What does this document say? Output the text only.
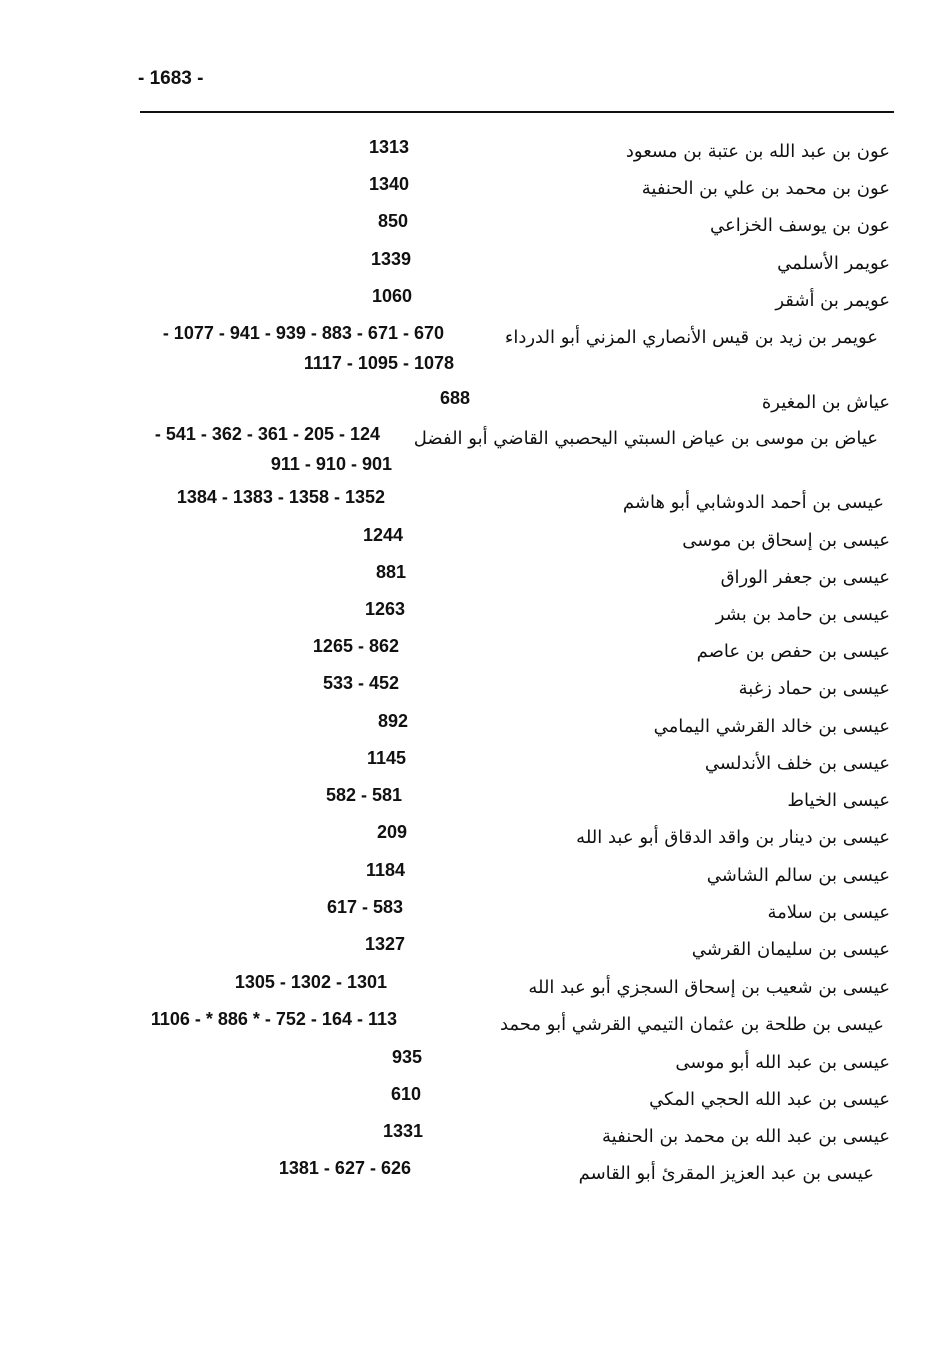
- 1683 -
عون بن عبد الله بن عتبة بن مسعود
1313
عون بن محمد بن علي بن الحنفية
1340
عون بن يوسف الخزاعي
850
عويمر الأسلمي
1339
عويمر بن أشقر
1060
عويمر بن زيد بن قيس الأنصاري المزني أبو الدرداء
- 1077 - 941 - 939 - 883 - 671 - 670
1117 - 1095 - 1078
عياش بن المغيرة
688
عياض بن موسى بن عياض السبتي اليحصبي القاضي أبو الفضل
- 541 - 362 - 361 - 205 - 124
911 - 910 - 901
عيسى بن أحمد الدوشابي أبو هاشم
1384 - 1383 - 1358 - 1352
عيسى بن إسحاق بن موسى
1244
عيسى بن جعفر الوراق
881
عيسى بن حامد بن بشر
1263
عيسى بن حفص بن عاصم
1265 - 862
عيسى بن حماد زغبة
533 - 452
عيسى بن خالد القرشي اليمامي
892
عيسى بن خلف الأندلسي
1145
عيسى الخياط
582 - 581
عيسى بن دينار بن واقد الدقاق أبو عبد الله
209
عيسى بن سالم الشاشي
1184
عيسى بن سلامة
617 - 583
عيسى بن سليمان القرشي
1327
عيسى بن شعيب بن إسحاق السجزي أبو عبد الله
1305 - 1302 - 1301
عيسى بن طلحة بن عثمان التيمي القرشي أبو محمد
1106 - * 886 * - 752 - 164 - 113
عيسى بن عبد الله أبو موسى
935
عيسى بن عبد الله الحجي المكي
610
عيسى بن عبد الله بن محمد بن الحنفية
1331
عيسى بن عبد العزيز المقرئ أبو القاسم
1381 - 627 - 626
